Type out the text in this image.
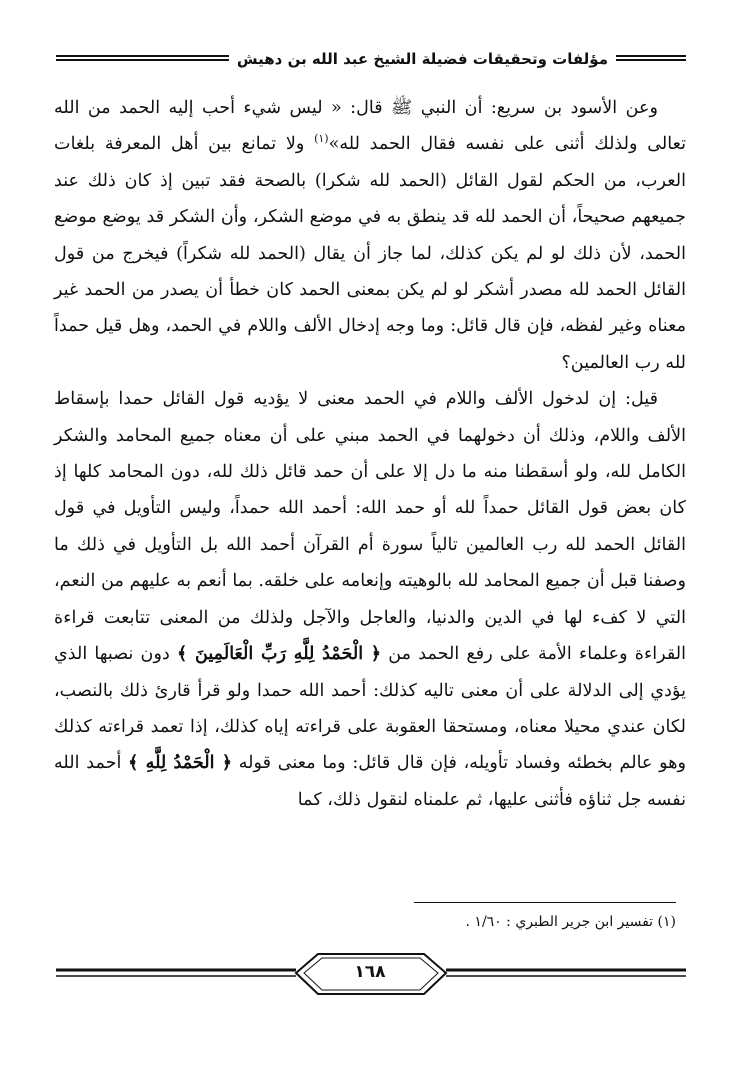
مؤلفات وتحقيقات فضيلة الشيخ عبد الله بن دهيش

وعن الأسود بن سريع: أن النبي ﷺ قال: « ليس شيء أحب إليه الحمد من الله تعالى ولذلك أثنى على نفسه فقال الحمد لله»$^{(١)}$ ولا تمانع بين أهل المعرفة بلغات العرب، من الحكم لقول القائل (الحمد لله شكرا) بالصحة فقد تبين إذ كان ذلك عند جميعهم صحيحاً، أن الحمد لله قد ينطق به في موضع الشكر، وأن الشكر قد يوضع موضع الحمد، لأن ذلك لو لم يكن كذلك، لما جاز أن يقال (الحمد لله شكراً) فيخرج من قول القائل الحمد لله مصدر أشكر لو لم يكن بمعنى الحمد كان خطأ أن يصدر من الحمد غير معناه وغير لفظه، فإن قال قائل: وما وجه إدخال الألف واللام في الحمد، وهل قيل حمداً لله رب العالمين؟

قيل: إن لدخول الألف واللام في الحمد معنى لا يؤديه قول القائل حمدا بإسقاط الألف واللام، وذلك أن دخولهما في الحمد مبني على أن معناه جميع المحامد والشكر الكامل لله، ولو أسقطنا منه ما دل إلا على أن حمد قائل ذلك لله، دون المحامد كلها إذ كان بعض قول القائل حمداً لله أو حمد الله: أحمد الله حمداً، وليس التأويل في قول القائل الحمد لله رب العالمين تالياً سورة أم القرآن أحمد الله بل التأويل في ذلك ما وصفنا قبل أن جميع المحامد لله بالوهيته وإنعامه على خلقه. بما أنعم به عليهم من النعم، التي لا كفء لها في الدين والدنيا، والعاجل والآجل ولذلك من المعنى تتابعت قراءة القراءة وعلماء الأمة على رفع الحمد من ﴿ الْحَمْدُ لِلَّهِ رَبِّ الْعَالَمِينَ ﴾ دون نصبها الذي يؤدي إلى الدلالة على أن معنى تاليه كذلك: أحمد الله حمدا ولو قرأ قارئ ذلك بالنصب، لكان عندي محيلا معناه، ومستحقا العقوبة على قراءته إياه كذلك، إذا تعمد قراءته كذلك وهو عالم بخطئه وفساد تأويله، فإن قال قائل: وما معنى قوله ﴿ الْحَمْدُ لِلَّهِ ﴾ أحمد الله نفسه جل ثناؤه فأثنى عليها، ثم علمناه لنقول ذلك، كما

(١) تفسير ابن جرير الطبري : ١/٦٠ .
١٦٨
